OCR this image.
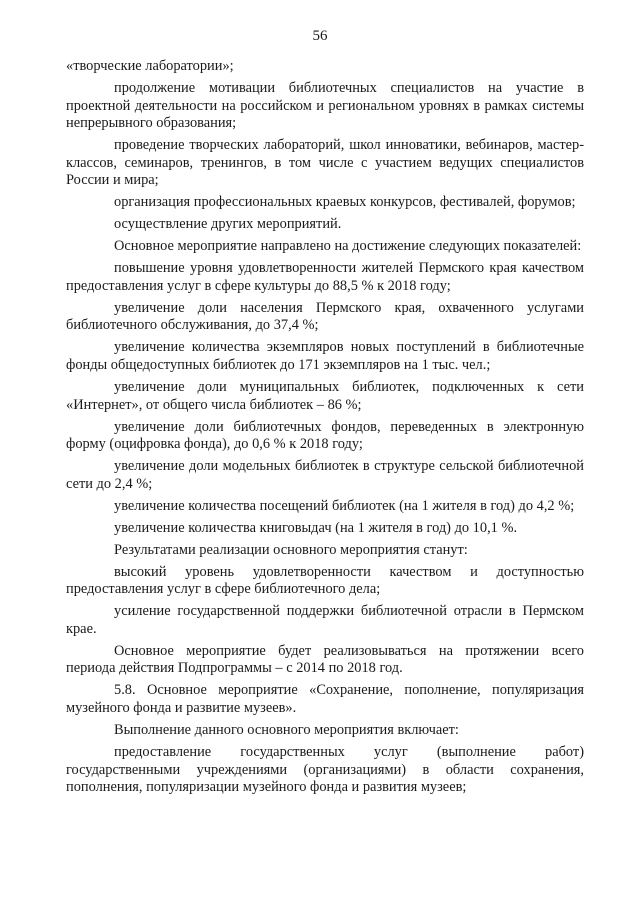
56

«творческие лаборатории»;

продолжение мотивации библиотечных специалистов на участие в проектной деятельности на российском и региональном уровнях в рамках системы непрерывного образования;

проведение творческих лабораторий, школ инноватики, вебинаров, мастер-классов, семинаров, тренингов, в том числе с участием ведущих специалистов России и мира;

организация профессиональных краевых конкурсов, фестивалей, форумов;

осуществление других мероприятий.

Основное мероприятие направлено на достижение следующих показателей:

повышение уровня удовлетворенности жителей Пермского края качеством предоставления услуг в сфере культуры до 88,5 % к 2018 году;

увеличение доли населения Пермского края, охваченного услугами библиотечного обслуживания, до 37,4 %;

увеличение количества экземпляров новых поступлений в библиотечные фонды общедоступных библиотек до 171 экземпляров на 1 тыс. чел.;

увеличение доли муниципальных библиотек, подключенных к сети «Интернет», от общего числа библиотек – 86 %;

увеличение доли библиотечных фондов, переведенных в электронную форму (оцифровка фонда), до 0,6 % к 2018 году;

увеличение доли модельных библиотек в структуре сельской библиотечной сети до 2,4 %;

увеличение количества посещений библиотек (на 1 жителя в год) до 4,2 %;

увеличение количества книговыдач (на 1 жителя в год) до 10,1 %.

Результатами реализации основного мероприятия станут:

высокий уровень удовлетворенности качеством и доступностью предоставления услуг в сфере библиотечного дела;

усиление государственной поддержки библиотечной отрасли в Пермском крае.

Основное мероприятие будет реализовываться на протяжении всего периода действия Подпрограммы – с 2014 по 2018 год.

5.8. Основное мероприятие «Сохранение, пополнение, популяризация музейного фонда и развитие музеев».

Выполнение данного основного мероприятия включает:

предоставление государственных услуг (выполнение работ) государственными учреждениями (организациями) в области сохранения, пополнения, популяризации музейного фонда и развития музеев;
